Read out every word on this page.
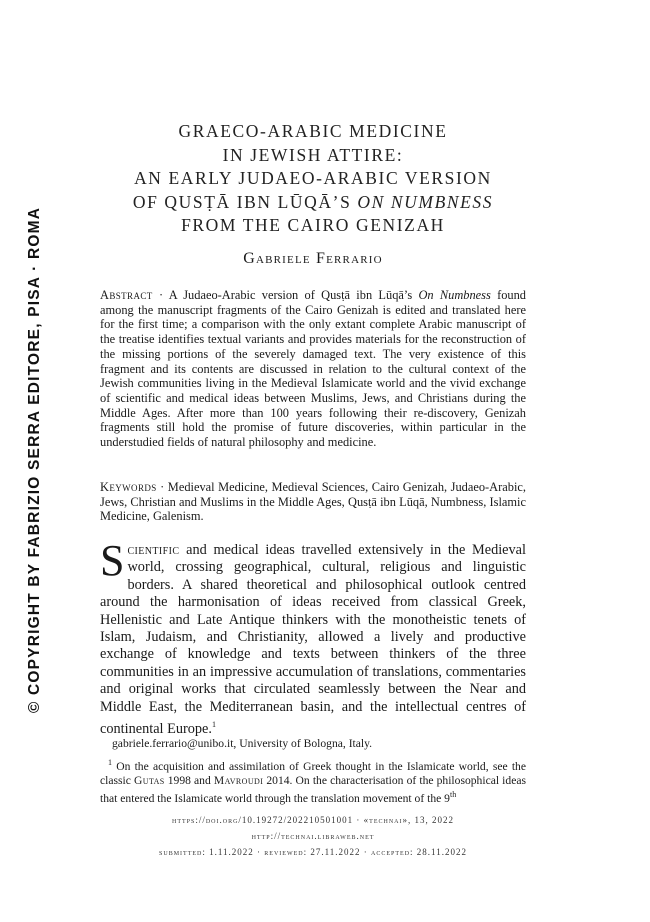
© COPYRIGHT BY FABRIZIO SERRA EDITORE, PISA · ROMA
GRAECO-ARABIC MEDICINE
IN JEWISH ATTIRE:
AN EARLY JUDAEO-ARABIC VERSION
OF QUSṬĀ IBN LŪQĀ’S ON NUMBNESS
FROM THE CAIRO GENIZAH
Gabriele Ferrario
Abstract · A Judaeo-Arabic version of Qusṭā ibn Lūqā’s On Numbness found among the manuscript fragments of the Cairo Genizah is edited and translated here for the first time; a comparison with the only extant complete Arabic manuscript of the treatise identifies textual variants and provides materials for the reconstruction of the missing portions of the severely damaged text. The very existence of this fragment and its contents are discussed in relation to the cultural context of the Jewish communities living in the Medieval Islamicate world and the vivid exchange of scientific and medical ideas between Muslims, Jews, and Christians during the Middle Ages. After more than 100 years following their re-discovery, Genizah fragments still hold the promise of future discoveries, within particular in the understudied fields of natural philosophy and medicine.
Keywords · Medieval Medicine, Medieval Sciences, Cairo Genizah, Judaeo-Arabic, Jews, Christian and Muslims in the Middle Ages, Qusṭā ibn Lūqā, Numbness, Islamic Medicine, Galenism.
Scientific and medical ideas travelled extensively in the Medieval world, crossing geographical, cultural, religious and linguistic borders. A shared theoretical and philosophical outlook centred around the harmonisation of ideas received from classical Greek, Hellenistic and Late Antique thinkers with the monotheistic tenets of Islam, Judaism, and Christianity, allowed a lively and productive exchange of knowledge and texts between thinkers of the three communities in an impressive accumulation of translations, commentaries and original works that circulated seamlessly between the Near and Middle East, the Mediterranean basin, and the intellectual centres of continental Europe.$^1$
gabriele.ferrario@unibo.it, University of Bologna, Italy.
$^1$ On the acquisition and assimilation of Greek thought in the Islamicate world, see the classic Gutas 1998 and Mavroudi 2014. On the characterisation of the philosophical ideas that entered the Islamicate world through the translation movement of the 9th
https://doi.org/10.19272/202210501001 · «technai», 13, 2022
http://technai.libraweb.net
submitted: 1.11.2022 · reviewed: 27.11.2022 · accepted: 28.11.2022
